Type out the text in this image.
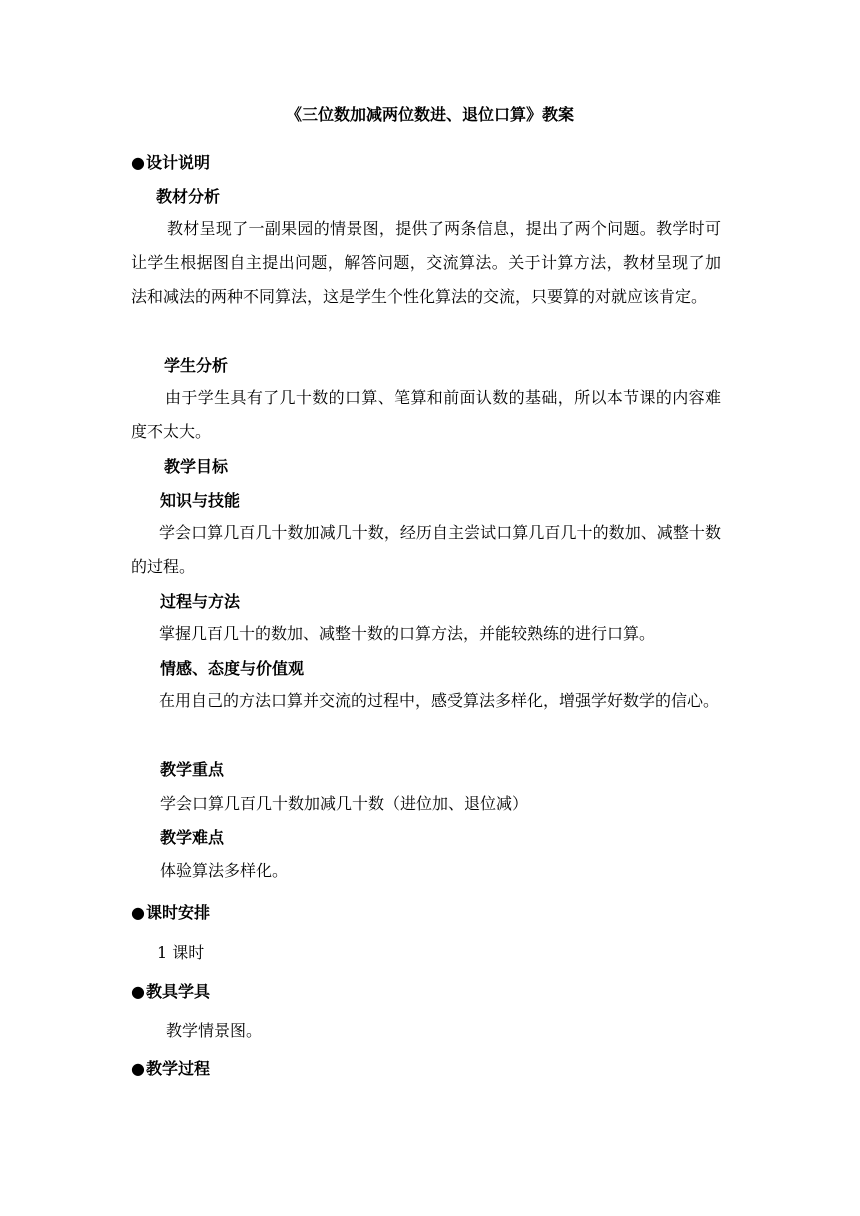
《三位数加减两位数进、退位口算》教案
●设计说明
教材分析
教材呈现了一副果园的情景图，提供了两条信息，提出了两个问题。教学时可让学生根据图自主提出问题，解答问题，交流算法。关于计算方法，教材呈现了加法和减法的两种不同算法，这是学生个性化算法的交流，只要算的对就应该肯定。
学生分析
由于学生具有了几十数的口算、笔算和前面认数的基础，所以本节课的内容难度不太大。
教学目标
知识与技能
学会口算几百几十数加减几十数，经历自主尝试口算几百几十的数加、减整十数的过程。
过程与方法
掌握几百几十的数加、减整十数的口算方法，并能较熟练的进行口算。
情感、态度与价值观
在用自己的方法口算并交流的过程中，感受算法多样化，增强学好数学的信心。
教学重点
学会口算几百几十数加减几十数（进位加、退位减）
教学难点
体验算法多样化。
●课时安排
1 课时
●教具学具
教学情景图。
●教学过程
